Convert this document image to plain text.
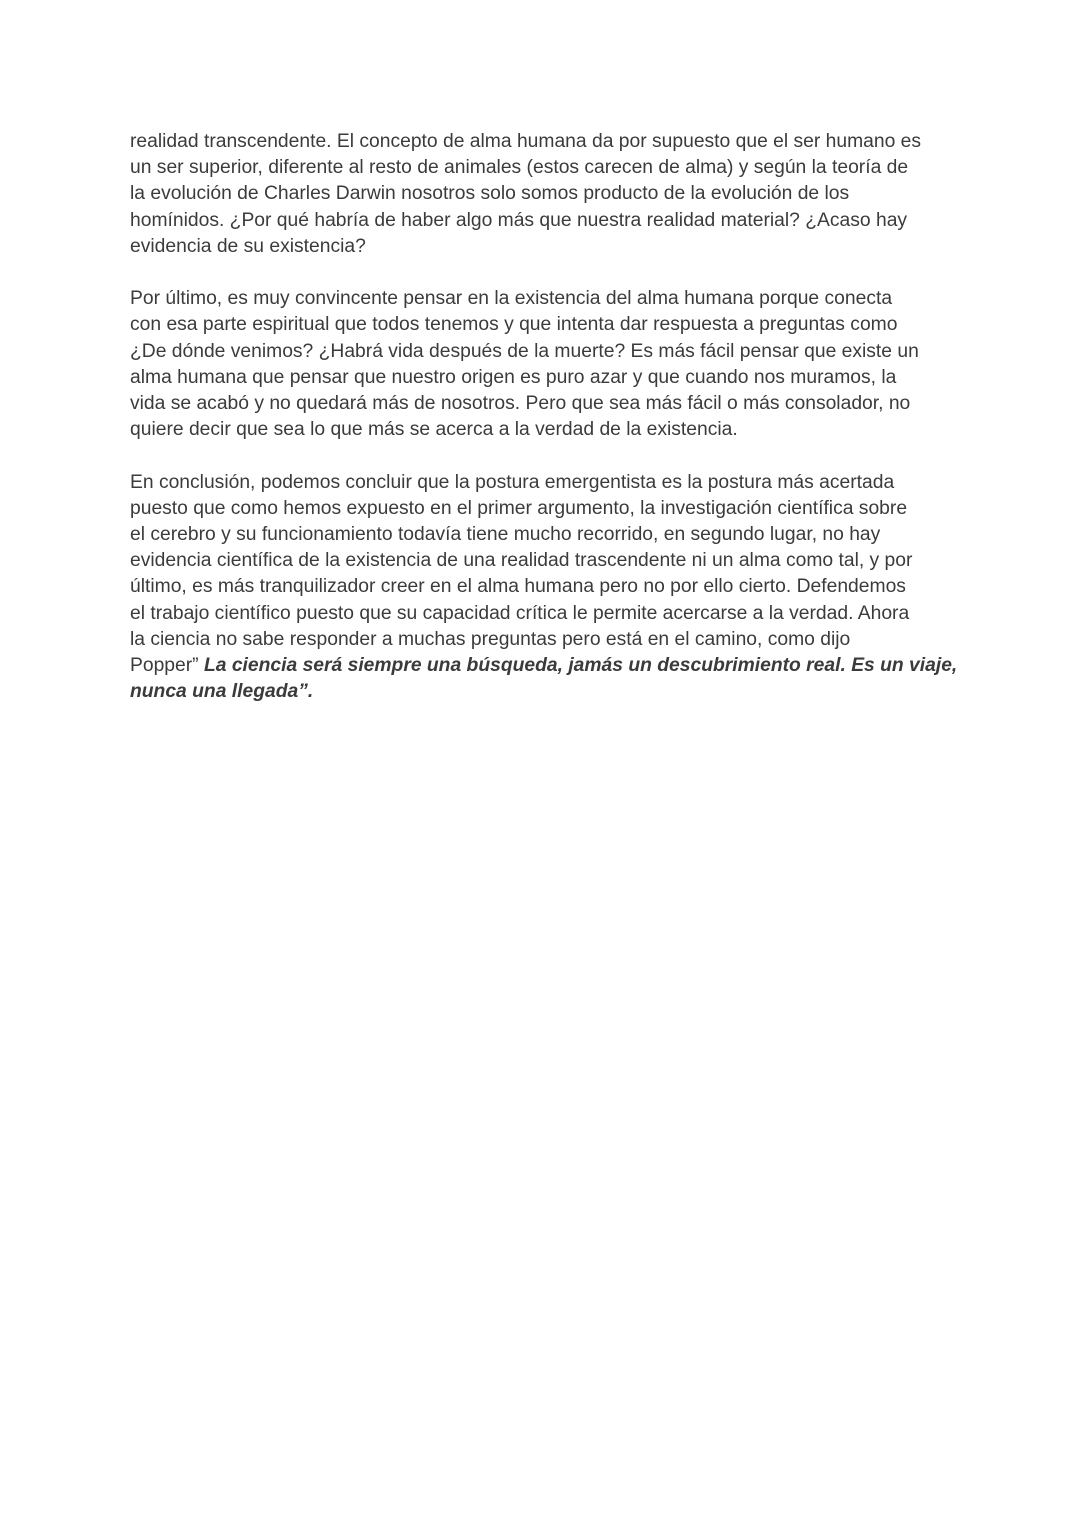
realidad transcendente. El concepto de alma humana da por supuesto que el ser humano es
un ser superior, diferente al resto de animales (estos carecen de alma) y según la teoría de
la evolución de Charles Darwin nosotros solo somos producto de la evolución de los
homínidos. ¿Por qué habría de haber algo más que nuestra realidad material? ¿Acaso hay
evidencia de su existencia?

Por último, es muy convincente pensar en la existencia del alma humana porque conecta
con esa parte espiritual que todos tenemos y que intenta dar respuesta a preguntas como
¿De dónde venimos? ¿Habrá vida después de la muerte? Es más fácil pensar que existe un
alma humana que pensar que nuestro origen es puro azar y que cuando nos muramos, la
vida se acabó y no quedará más de nosotros. Pero que sea más fácil o más consolador, no
quiere decir que sea lo que más se acerca a la verdad de la existencia.

En conclusión, podemos concluir que la postura emergentista es la postura más acertada
puesto que como hemos expuesto en el primer argumento, la investigación científica sobre
el cerebro y su funcionamiento todavía tiene mucho recorrido, en segundo lugar, no hay
evidencia científica de la existencia de una realidad trascendente ni un alma como tal, y por
último, es más tranquilizador creer en el alma humana pero no por ello cierto. Defendemos
el trabajo científico puesto que su capacidad crítica le permite acercarse a la verdad. Ahora
la ciencia no sabe responder a muchas preguntas pero está en el camino, como dijo
Popper” La ciencia será siempre una búsqueda, jamás un descubrimiento real. Es un viaje,
nunca una llegada”.
